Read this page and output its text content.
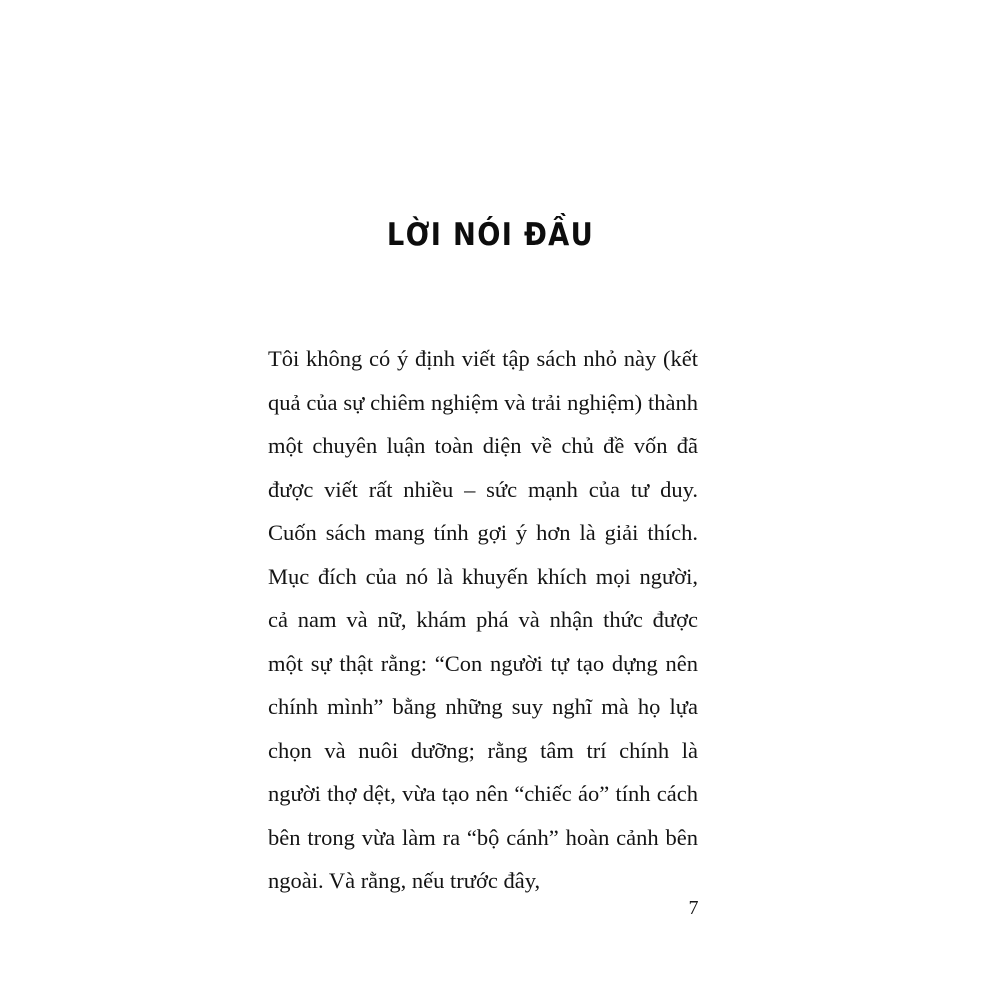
LỜI NÓI ĐẦU

Tôi không có ý định viết tập sách nhỏ này (kết quả của sự chiêm nghiệm và trải nghiệm) thành một chuyên luận toàn diện về chủ đề vốn đã được viết rất nhiều – sức mạnh của tư duy. Cuốn sách mang tính gợi ý hơn là giải thích. Mục đích của nó là khuyến khích mọi người, cả nam và nữ, khám phá và nhận thức được một sự thật rằng: “Con người tự tạo dựng nên chính mình” bằng những suy nghĩ mà họ lựa chọn và nuôi dưỡng; rằng tâm trí chính là người thợ dệt, vừa tạo nên “chiếc áo” tính cách bên trong vừa làm ra “bộ cánh” hoàn cảnh bên ngoài. Và rằng, nếu trước đây,

7
